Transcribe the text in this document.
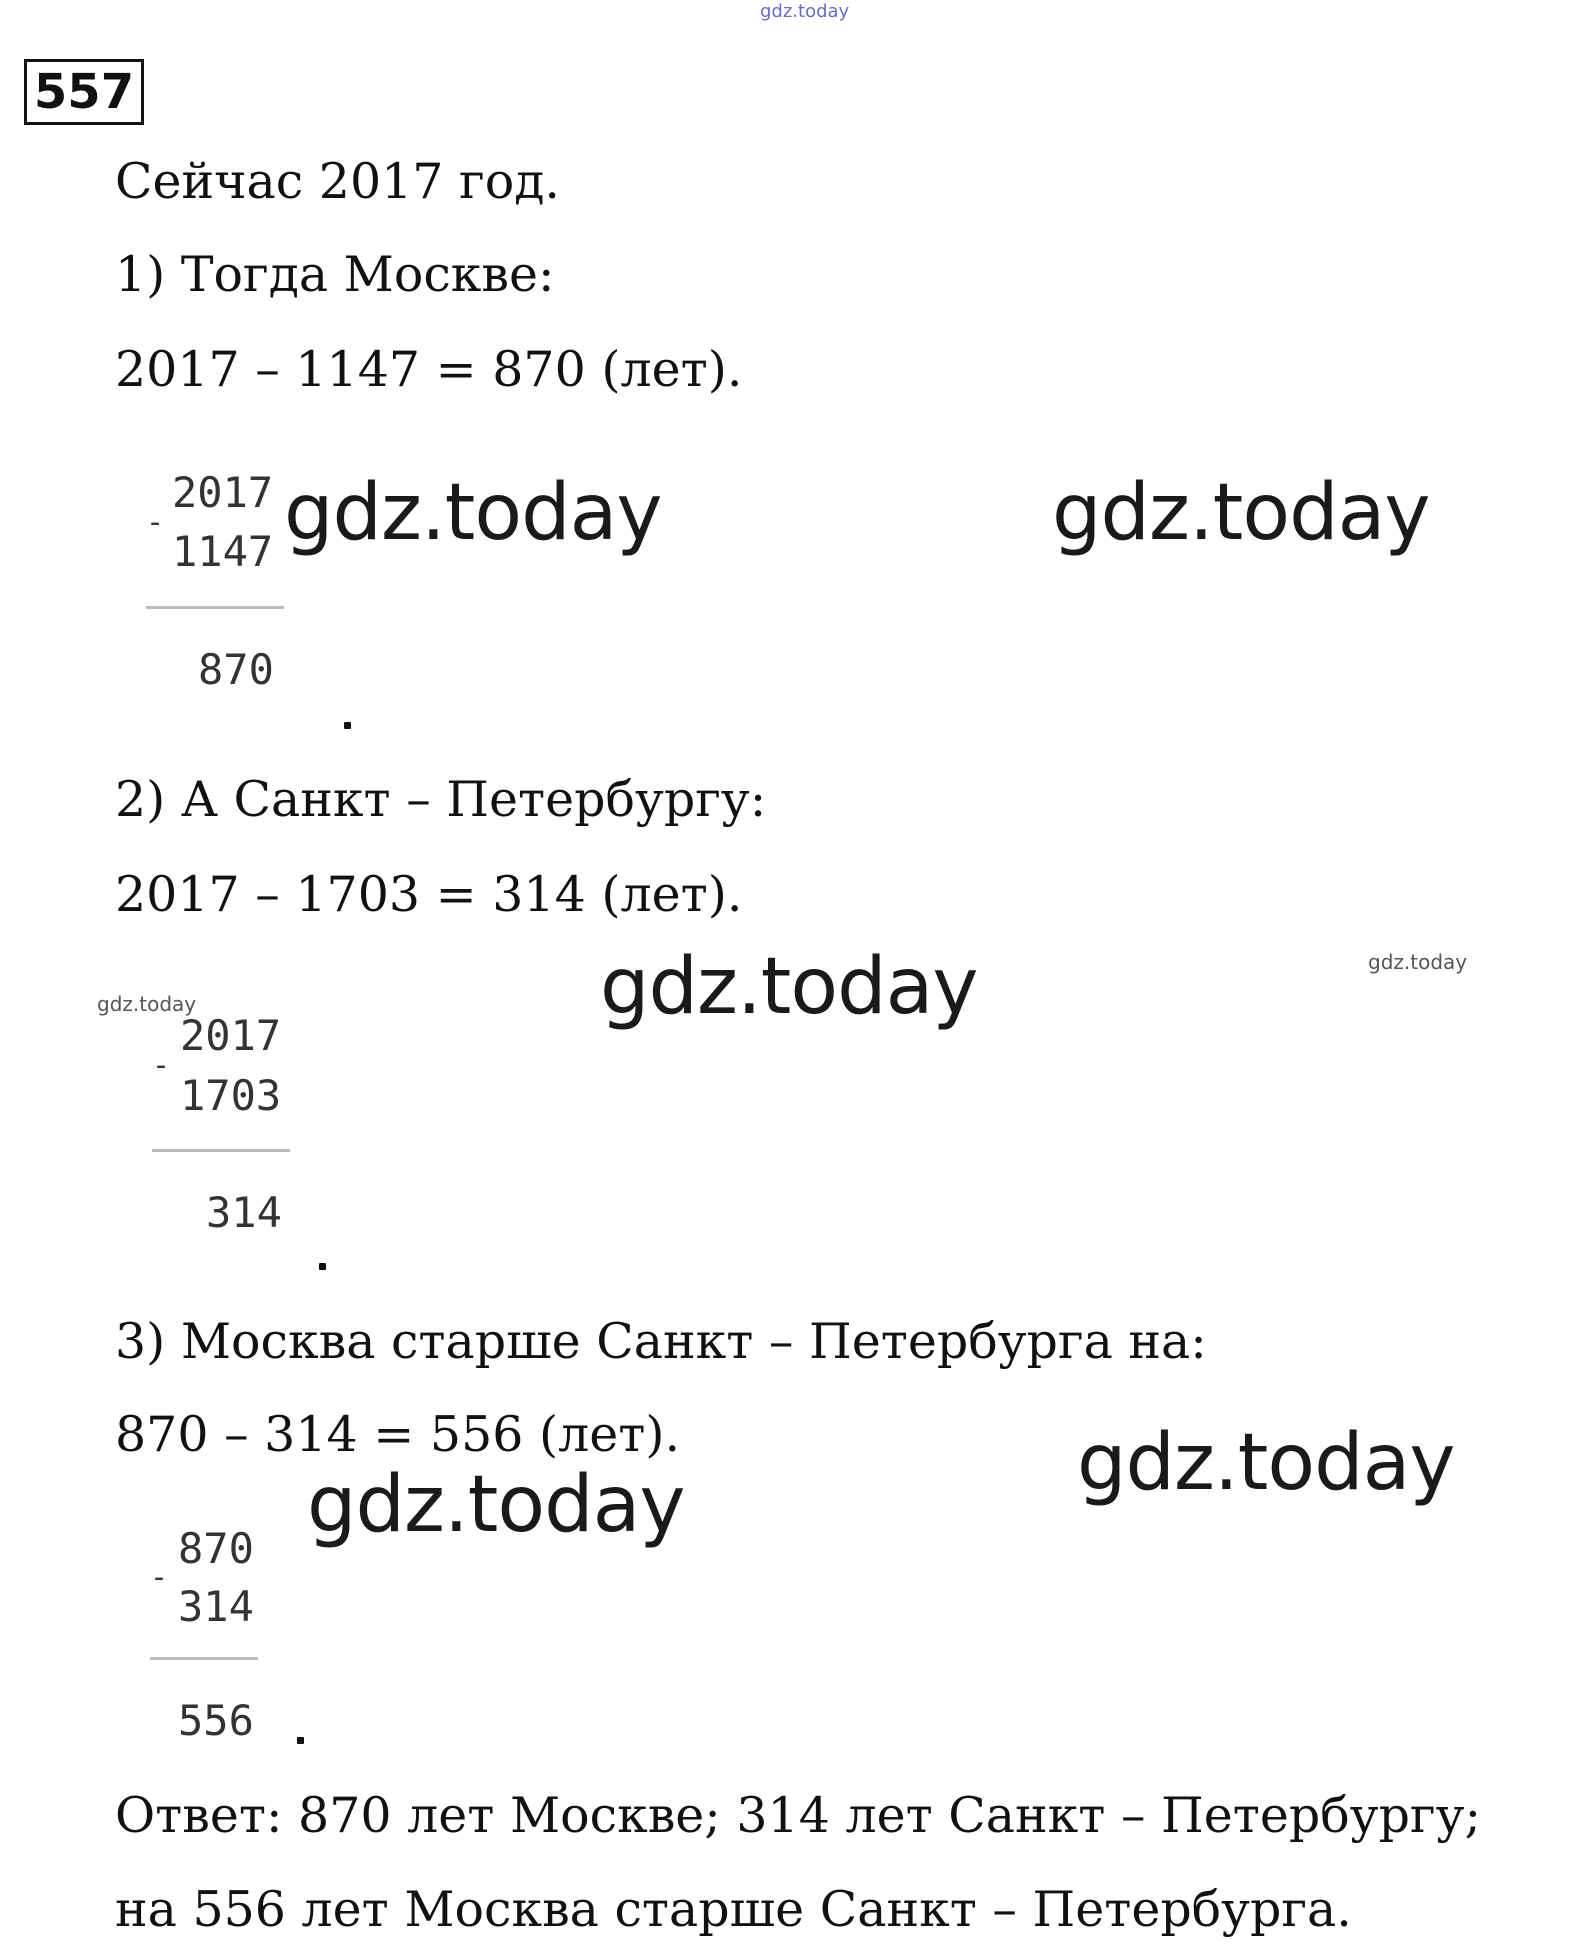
gdz.today
557
Сейчас 2017 год.
1) Тогда Москве:
2017 – 1147 = 870 (лет).
-
2017
1147
870
2) А Санкт – Петербургу:
2017 – 1703 = 314 (лет).
-
2017
1703
314
3) Москва старше Санкт – Петербурга на:
870 – 314 = 556 (лет).
-
870
314
556
Ответ: 870 лет Москве; 314 лет Санкт – Петербургу;
на 556 лет Москва старше Санкт – Петербурга.
gdz.today	gdz.today
gdz.today
gdz.today
gdz.today
gdz.today
gdz.today
